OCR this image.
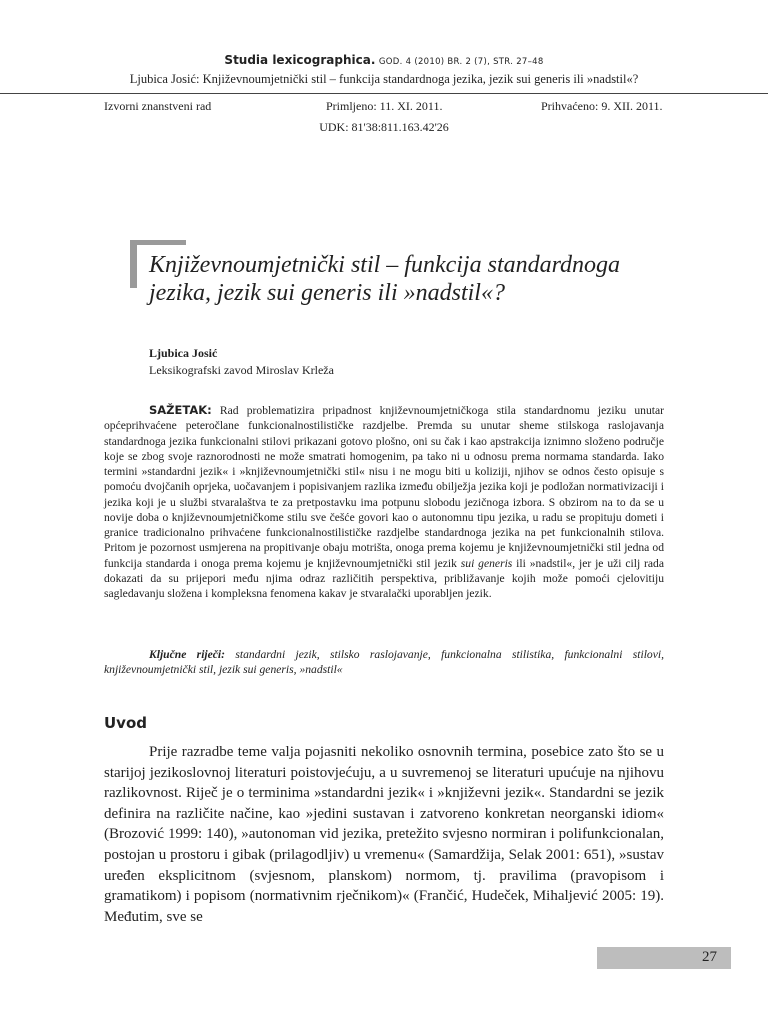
Studia lexicographica. GOD. 4 (2010) BR. 2 (7), STR. 27–48
Ljubica Josić: Književnoumjetnički stil – funkcija standardnoga jezika, jezik sui generis ili »nadstil«?
Izvorni znanstveni rad	Primljeno: 11. XI. 2011.	Prihvaćeno: 9. XII. 2011.
UDK: 81'38:811.163.42'26
Književnoumjetnički stil – funkcija standardnoga
jezika, jezik sui generis ili »nadstil«?
Ljubica Josić
Leksikografski zavod Miroslav Krleža
SAŽETAK: Rad problematizira pripadnost književnoumjetničkoga stila standardnomu jeziku unutar općeprihvaćene peteročlane funkcionalnostilističke razdjelbe. Premda su unutar sheme stilskoga raslojavanja standardnoga jezika funkcionalni stilovi prikazani gotovo plošno, oni su čak i kao apstrakcija iznimno složeno područje koje se zbog svoje raznorodnosti ne može smatrati homogenim, pa tako ni u odnosu prema normama standarda. Iako termini »standardni jezik« i »književnoumjetnički stil« nisu i ne mogu biti u koliziji, njihov se odnos često opisuje s pomoću dvojčanih oprjeka, uočavanjem i popisivanjem razlika između obilježja jezika koji je podložan normativizaciji i jezika koji je u službi stvaralaštva te za pretpostavku ima potpunu slobodu jezičnoga izbora. S obzirom na to da se u novije doba o književnoumjetničkome stilu sve češće govori kao o autonomnu tipu jezika, u radu se propituju dometi i granice tradicionalno prihvaćene funkcionalnostilističke razdjelbe standardnoga jezika na pet funkcionalnih stilova. Pritom je pozornost usmjerena na propitivanje obaju motrišta, onoga prema kojemu je književnoumjetnički stil jedna od funkcija standarda i onoga prema kojemu je književnoumjetnički stil jezik sui generis ili »nadstil«, jer je uži cilj rada dokazati da su prijepori među njima odraz različitih perspektiva, približavanje kojih može pomoći cjelovitiju sagledavanju složena i kompleksna fenomena kakav je stvaralački uporabljen jezik.
Ključne riječi: standardni jezik, stilsko raslojavanje, funkcionalna stilistika, funkcionalni stilovi, književnoumjetnički stil, jezik sui generis, »nadstil«
Uvod
Prije razradbe teme valja pojasniti nekoliko osnovnih termina, posebice zato što se u starijoj jezikoslovnoj literaturi poistovjećuju, a u suvremenoj se literaturi upućuje na njihovu razlikovnost. Riječ je o terminima »standardni jezik« i »književni jezik«. Standardni se jezik definira na različite načine, kao »jedini sustavan i zatvoreno konkretan neorganski idiom« (Brozović 1999: 140), »autonoman vid jezika, pretežito svjesno normiran i polifunkcionalan, postojan u prostoru i gibak (prilagodljiv) u vremenu« (Samardžija, Selak 2001: 651), »sustav uređen eksplicitnom (svjesnom, planskom) normom, tj. pravilima (pravopisom i gramatikom) i popisom (normativnim rječnikom)« (Frančić, Hudeček, Mihaljević 2005: 19). Međutim, sve se
27
